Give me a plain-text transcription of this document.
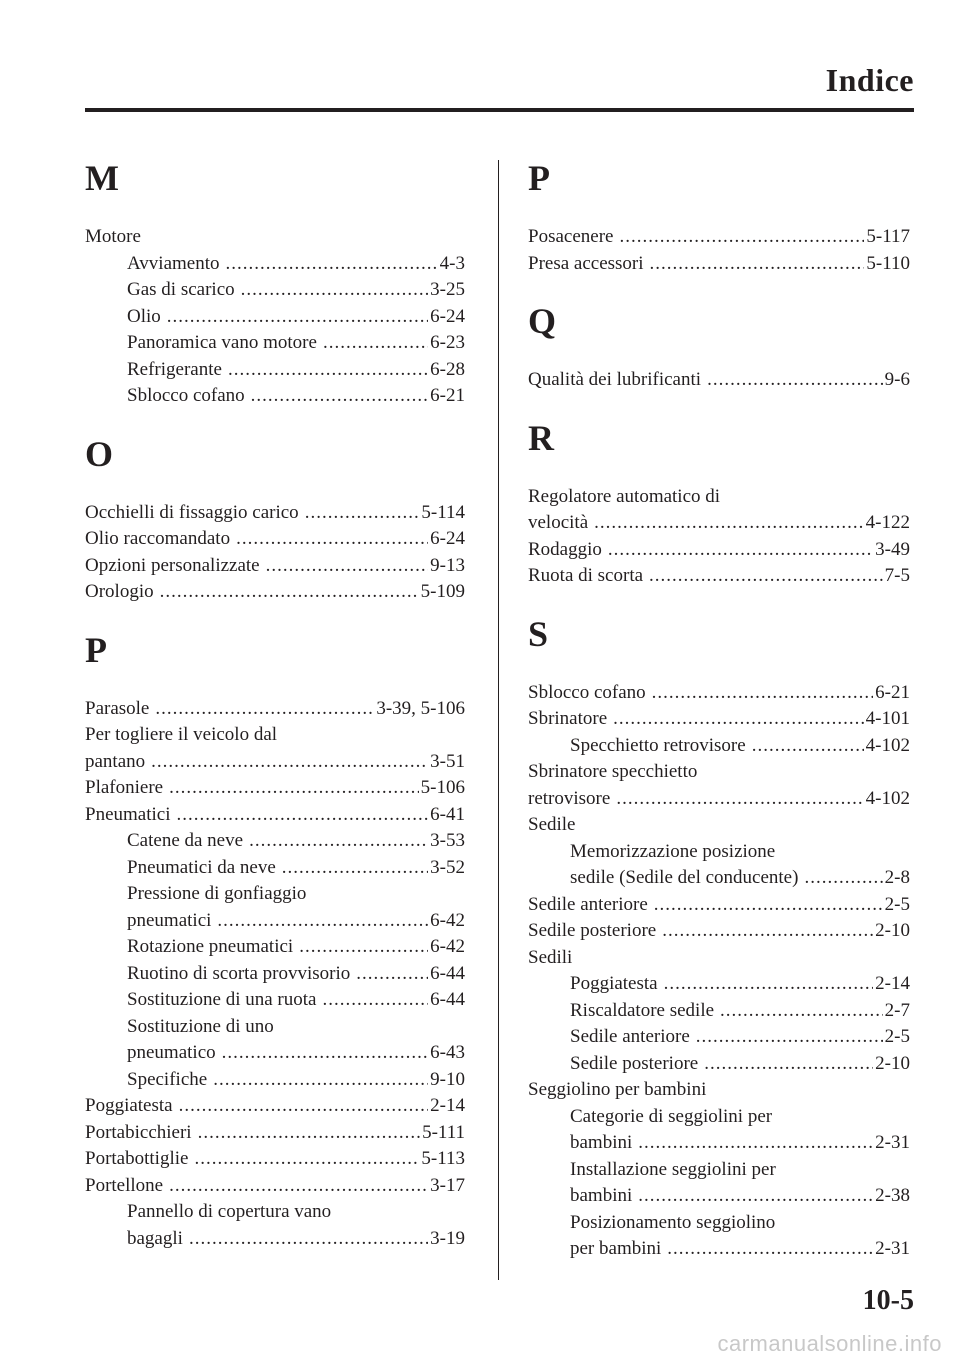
Indice
M
Motore
Avviamento .....	4-3
Gas di scarico .....	3-25
Olio .....	6-24
Panoramica vano motore .....	6-23
Refrigerante .....	6-28
Sblocco cofano .....	6-21
O
Occhielli di fissaggio carico .....	5-114
Olio raccomandato .....	6-24
Opzioni personalizzate .....	9-13
Orologio .....	5-109
P
Parasole .....	3-39, 5-106
Per togliere il veicolo dal
pantano .....	3-51
Plafoniere .....	5-106
Pneumatici .....	6-41
Catene da neve .....	3-53
Pneumatici da neve .....	3-52
Pressione di gonfiaggio
pneumatici .....	6-42
Rotazione pneumatici .....	6-42
Ruotino di scorta provvisorio .....	6-44
Sostituzione di una ruota .....	6-44
Sostituzione di uno
pneumatico .....	6-43
Specifiche .....	9-10
Poggiatesta .....	2-14
Portabicchieri .....	5-111
Portabottiglie .....	5-113
Portellone .....	3-17
Pannello di copertura vano
bagagli .....	3-19
P
Posacenere .....	5-117
Presa accessori .....	5-110
Q
Qualità dei lubrificanti .....	9-6
R
Regolatore automatico di
velocità .....	4-122
Rodaggio .....	3-49
Ruota di scorta .....	7-5
S
Sblocco cofano .....	6-21
Sbrinatore .....	4-101
Specchietto retrovisore .....	4-102
Sbrinatore specchietto
retrovisore .....	4-102
Sedile
Memorizzazione posizione
sedile (Sedile del conducente) .....	2-8
Sedile anteriore .....	2-5
Sedile posteriore .....	2-10
Sedili
Poggiatesta .....	2-14
Riscaldatore sedile .....	2-7
Sedile anteriore .....	2-5
Sedile posteriore .....	2-10
Seggiolino per bambini
Categorie di seggiolini per
bambini .....	2-31
Installazione seggiolini per
bambini .....	2-38
Posizionamento seggiolino
per bambini .....	2-31
10-5
carmanualsonline.info
